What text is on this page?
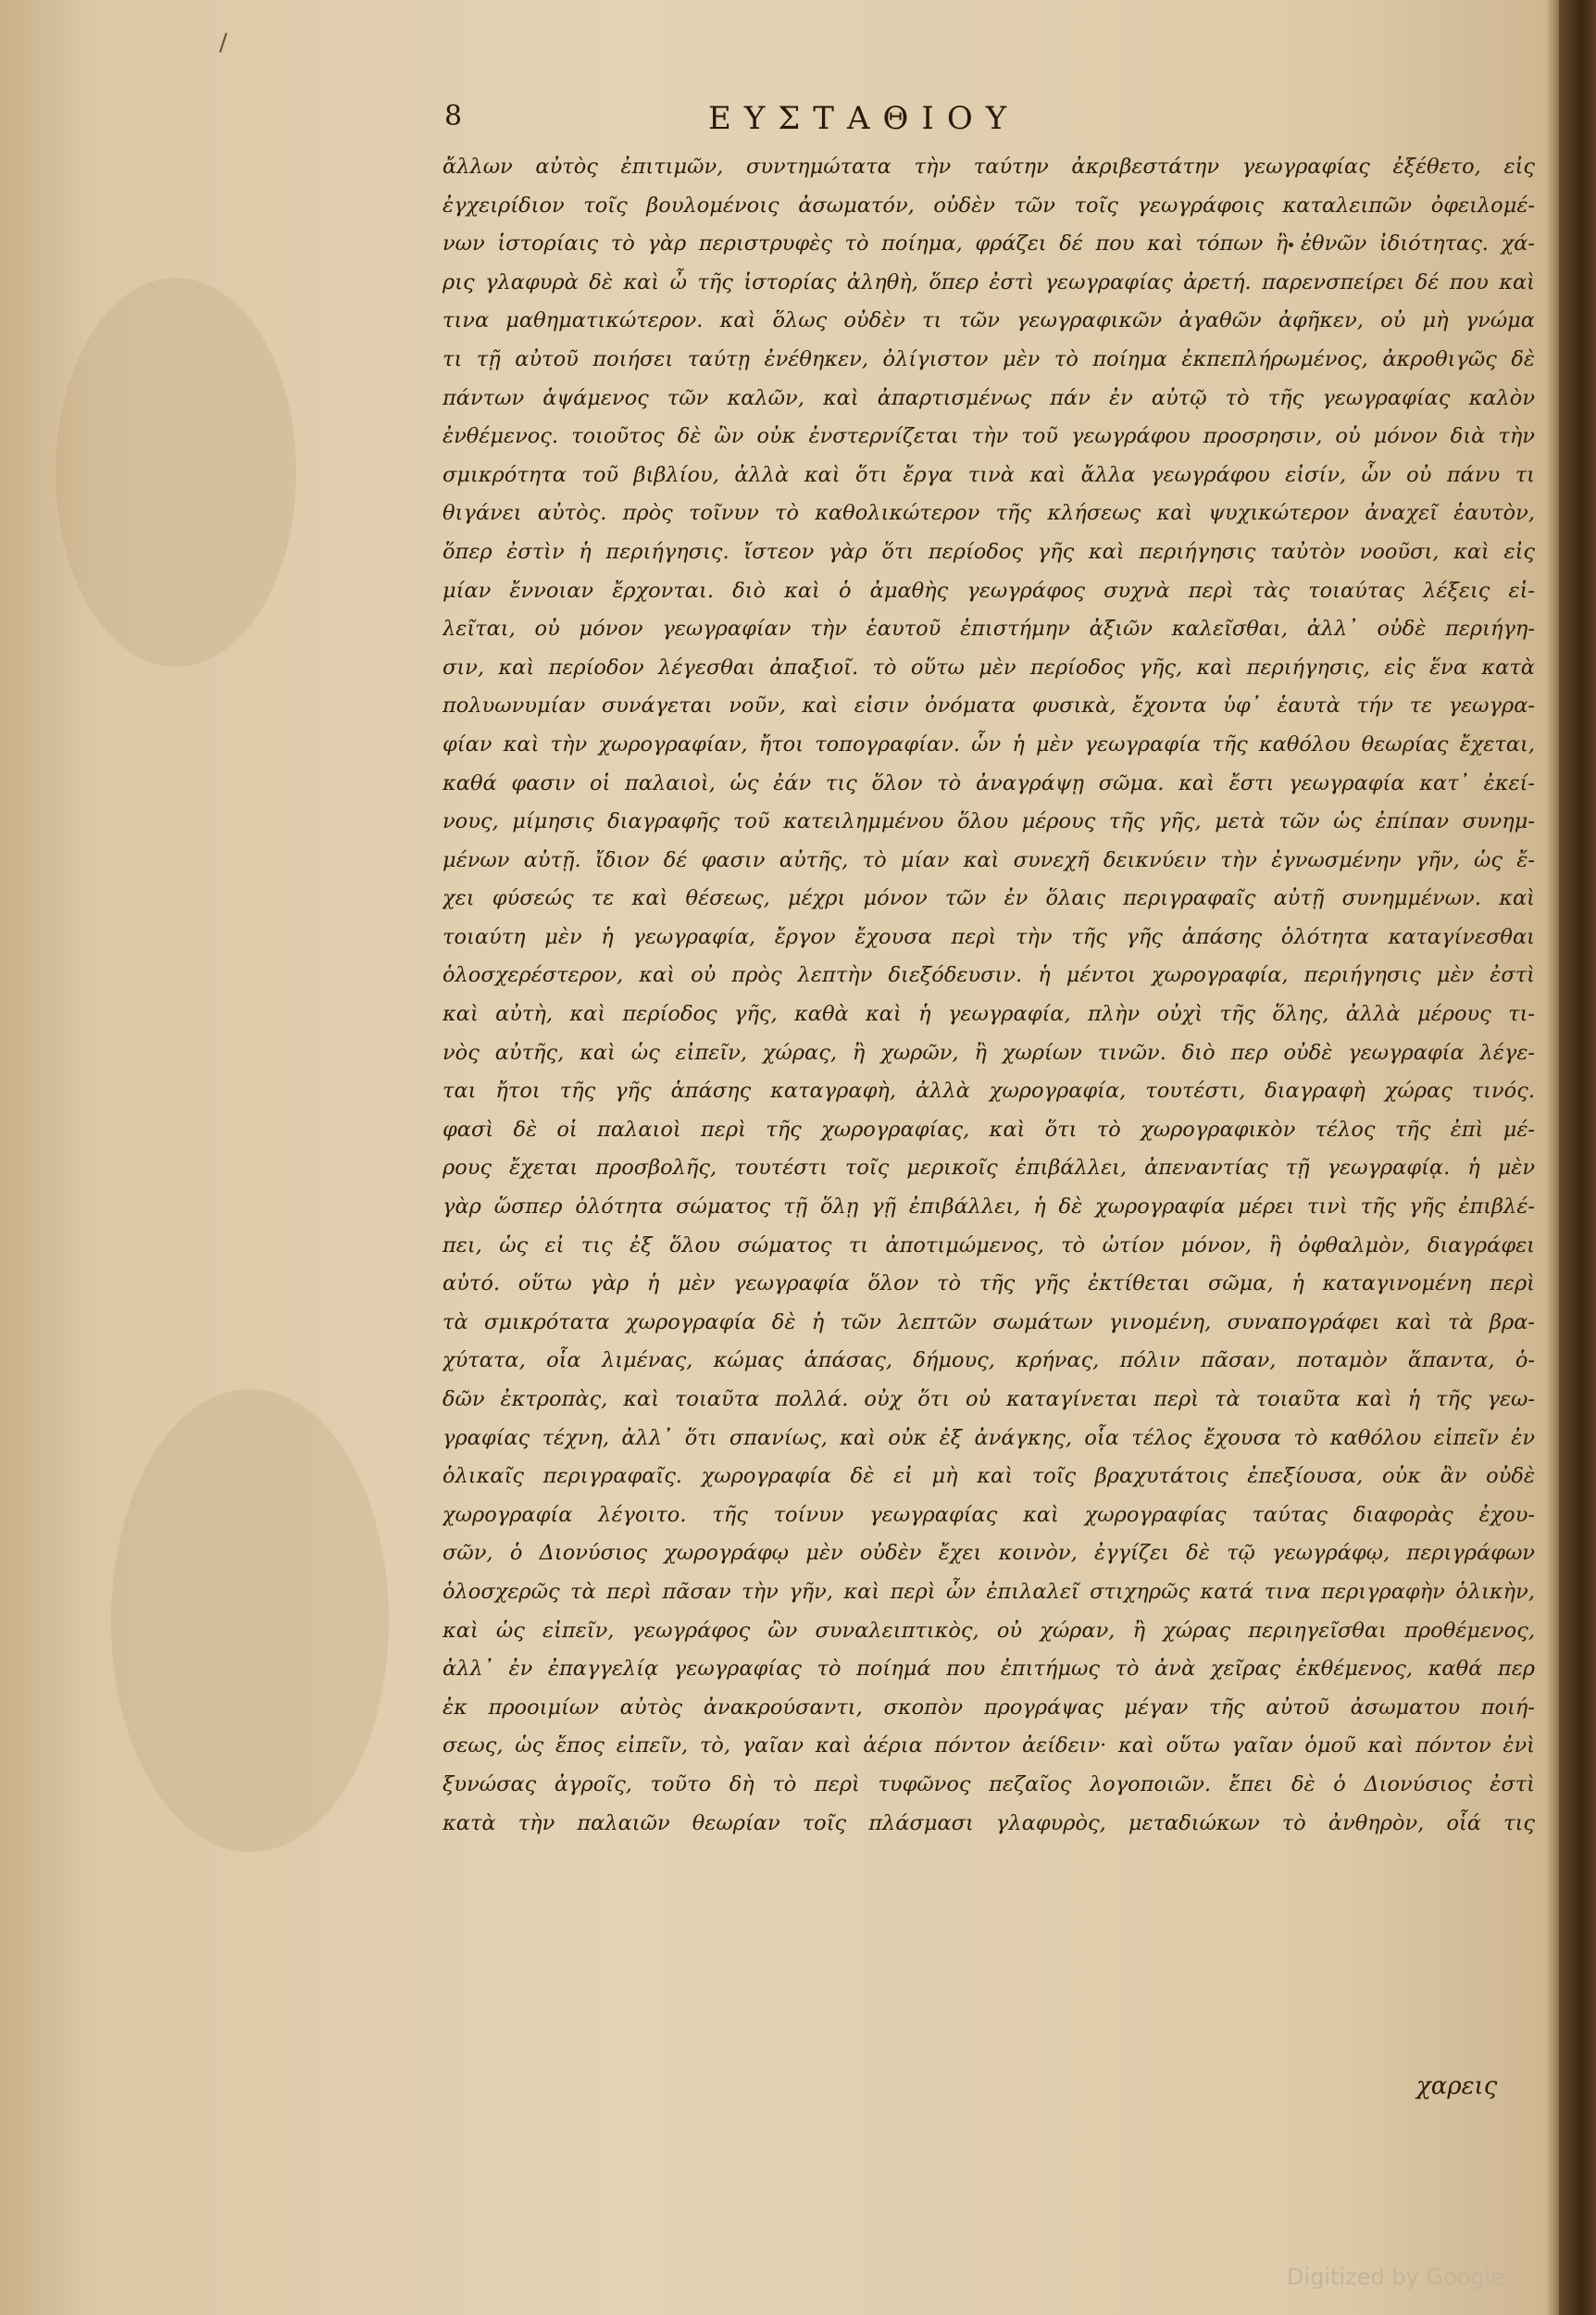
8	ΕΥΣΤΑΘΙΟΥ
ἄλλων αὐτὸς ἐπιτιμῶν, συντημώτατα τὴν ταύτην ἀκριβεστάτην γεωγραφίας ἐξέθετο, εἰς
ἐγχειρίδιον τοῖς βουλομένοις ἀσωματόν, οὐδὲν τῶν τοῖς γεωγράφοις καταλειπῶν ὀφειλομέ-
νων ἱστορίαις τὸ γὰρ περιστρυφὲς τὸ ποίημα, φράζει δέ που καὶ τόπων ἢ ἐθνῶν ἰδιότητας. χά-
ρις γλαφυρὰ δὲ καὶ ὦ τῆς ἱστορίας ἀληθὴ, ὅπερ ἐστὶ γεωγραφίας ἀρετή. παρενσπείρει δέ που καὶ
τινα μαθηματικώτερον. καὶ ὅλως οὐδὲν τι τῶν γεωγραφικῶν ἀγαθῶν ἀφῆκεν, οὐ μὴ γνώμα
τι τῇ αὐτοῦ ποιήσει ταύτῃ ἐνέθηκεν, ὀλίγιστον μὲν τὸ ποίημα ἐκπεπλήρωμένος, ἀκροθιγῶς δὲ
πάντων ἁψάμενος τῶν καλῶν, καὶ ἀπαρτισμένως πάν ἐν αὐτῷ τὸ τῆς γεωγραφίας καλὸν
ἐνθέμενος. τοιοῦτος δὲ ὢν οὐκ ἐνστερνίζεται τὴν τοῦ γεωγράφου προσρησιν, οὐ μόνον διὰ τὴν
σμικρότητα τοῦ βιβλίου, ἀλλὰ καὶ ὅτι ἔργα τινὰ καὶ ἄλλα γεωγράφου εἰσίν, ὧν οὐ πάνυ τι
θιγάνει αὐτὸς. πρὸς τοῖνυν τὸ καθολικώτερον τῆς κλήσεως καὶ ψυχικώτερον ἀναχεῖ ἑαυτὸν,
ὅπερ ἐστὶν ἡ περιήγησις. ἴστεον γὰρ ὅτι περίοδος γῆς καὶ περιήγησις ταὐτὸν νοοῦσι, καὶ εἰς
μίαν ἔννοιαν ἔρχονται. διὸ καὶ ὁ ἀμαθὴς γεωγράφος συχνὰ περὶ τὰς τοιαύτας λέξεις εἱ-
λεῖται, οὐ μόνον γεωγραφίαν τὴν ἑαυτοῦ ἐπιστήμην ἀξιῶν καλεῖσθαι, ἀλλ᾽ οὐδὲ περιήγη-
σιν, καὶ περίοδον λέγεσθαι ἀπαξιοῖ. τὸ οὕτω μὲν περίοδος γῆς, καὶ περιήγησις, εἰς ἕνα κατὰ
πολυωνυμίαν συνάγεται νοῦν, καὶ εἰσιν ὀνόματα φυσικὰ, ἔχοντα ὑφ᾽ ἑαυτὰ τήν τε γεωγρα-
φίαν καὶ τὴν χωρογραφίαν, ἤτοι τοπογραφίαν. ὧν ἡ μὲν γεωγραφία τῆς καθόλου θεωρίας ἔχεται,
καθά φασιν οἱ παλαιοὶ, ὡς ἐάν τις ὅλον τὸ ἀναγράψῃ σῶμα. καὶ ἔστι γεωγραφία κατ᾽ ἐκεί-
νους, μίμησις διαγραφῆς τοῦ κατειλημμένου ὅλου μέρους τῆς γῆς, μετὰ τῶν ὡς ἐπίπαν συνημ-
μένων αὐτῇ. ἴδιον δέ φασιν αὐτῆς, τὸ μίαν καὶ συνεχῆ δεικνύειν τὴν ἐγνωσμένην γῆν, ὡς ἔ-
χει φύσεώς τε καὶ θέσεως, μέχρι μόνον τῶν ἐν ὅλαις περιγραφαῖς αὐτῇ συνημμένων. καὶ
τοιαύτη μὲν ἡ γεωγραφία, ἔργον ἔχουσα περὶ τὴν τῆς γῆς ἁπάσης ὁλότητα καταγίνεσθαι
ὁλοσχερέστερον, καὶ οὐ πρὸς λεπτὴν διεξόδευσιν. ἡ μέντοι χωρογραφία, περιήγησις μὲν ἐστὶ
καὶ αὐτὴ, καὶ περίοδος γῆς, καθὰ καὶ ἡ γεωγραφία, πλὴν οὐχὶ τῆς ὅλης, ἀλλὰ μέρους τι-
νὸς αὐτῆς, καὶ ὡς εἰπεῖν, χώρας, ἢ χωρῶν, ἢ χωρίων τινῶν. διὸ περ οὐδὲ γεωγραφία λέγε-
ται ἤτοι τῆς γῆς ἁπάσης καταγραφὴ, ἀλλὰ χωρογραφία, τουτέστι, διαγραφὴ χώρας τινός.
φασὶ δὲ οἱ παλαιοὶ περὶ τῆς χωρογραφίας, καὶ ὅτι τὸ χωρογραφικὸν τέλος τῆς ἐπὶ μέ-
ρους ἔχεται προσβολῆς, τουτέστι τοῖς μερικοῖς ἐπιβάλλει, ἀπεναντίας τῇ γεωγραφίᾳ. ἡ μὲν
γὰρ ὥσπερ ὁλότητα σώματος τῇ ὅλῃ γῇ ἐπιβάλλει, ἡ δὲ χωρογραφία μέρει τινὶ τῆς γῆς ἐπιβλέ-
πει, ὡς εἰ τις ἐξ ὅλου σώματος τι ἀποτιμώμενος, τὸ ὠτίον μόνον, ἢ ὀφθαλμὸν, διαγράφει
αὐτό. οὕτω γὰρ ἡ μὲν γεωγραφία ὅλον τὸ τῆς γῆς ἐκτίθεται σῶμα, ἡ καταγινομένη περὶ
τὰ σμικρότατα χωρογραφία δὲ ἡ τῶν λεπτῶν σωμάτων γινομένη, συναπογράφει καὶ τὰ βρα-
χύτατα, οἷα λιμένας, κώμας ἁπάσας, δήμους, κρήνας, πόλιν πᾶσαν, ποταμὸν ἅπαντα, ὁ-
δῶν ἐκτροπὰς, καὶ τοιαῦτα πολλά. οὐχ ὅτι οὐ καταγίνεται περὶ τὰ τοιαῦτα καὶ ἡ τῆς γεω-
γραφίας τέχνη, ἀλλ᾽ ὅτι σπανίως, καὶ οὐκ ἐξ ἀνάγκης, οἷα τέλος ἔχουσα τὸ καθόλου εἰπεῖν ἐν
ὁλικαῖς περιγραφαῖς. χωρογραφία δὲ εἰ μὴ καὶ τοῖς βραχυτάτοις ἐπεξίουσα, οὐκ ἂν οὐδὲ
χωρογραφία λέγοιτο. τῆς τοίνυν γεωγραφίας καὶ χωρογραφίας ταύτας διαφορὰς ἐχου-
σῶν, ὁ Διονύσιος χωρογράφῳ μὲν οὐδὲν ἔχει κοινὸν, ἐγγίζει δὲ τῷ γεωγράφῳ, περιγράφων
ὁλοσχερῶς τὰ περὶ πᾶσαν τὴν γῆν, καὶ περὶ ὧν ἐπιλαλεῖ στιχηρῶς κατά τινα περιγραφὴν ὁλικὴν,
καὶ ὡς εἰπεῖν, γεωγράφος ὢν συναλειπτικὸς, οὐ χώραν, ἢ χώρας περιηγεῖσθαι προθέμενος,
ἀλλ᾽ ἐν ἐπαγγελίᾳ γεωγραφίας τὸ ποίημά που ἐπιτήμως τὸ ἀνὰ χεῖρας ἐκθέμενος, καθά περ
ἐκ προοιμίων αὐτὸς ἀνακρούσαντι, σκοπὸν προγράψας μέγαν τῆς αὐτοῦ ἀσωματου ποιή-
σεως, ὡς ἔπος εἰπεῖν, τὸ, γαῖαν καὶ ἀέρια πόντον ἀείδειν· καὶ οὕτω γαῖαν ὁμοῦ καὶ πόντον ἐνὶ
ξυνώσας ἀγροῖς, τοῦτο δὴ τὸ περὶ τυφῶνος πεζαῖος λογοποιῶν. ἔπει δὲ ὁ Διονύσιος ἐστὶ
κατὰ τὴν παλαιῶν θεωρίαν τοῖς πλάσμασι γλαφυρὸς, μεταδιώκων τὸ ἀνθηρὸν, οἷά τις
χαρεις
Digitized by Google
